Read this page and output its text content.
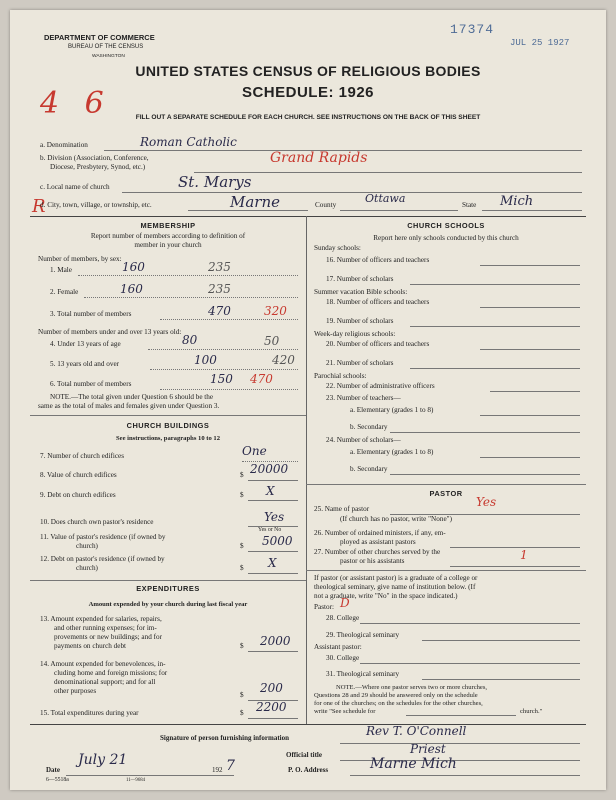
DEPARTMENT OF COMMERCE
BUREAU OF THE CENSUS
WASHINGTON
17374
JUL 25 1927
4 6
UNITED STATES CENSUS OF RELIGIOUS BODIES
SCHEDULE: 1926
FILL OUT A SEPARATE SCHEDULE FOR EACH CHURCH. SEE INSTRUCTIONS ON THE BACK OF THIS SHEET
a. Denomination	Roman Catholic
b. Division (Association, Conference,
Diocese, Presbytery, Synod, etc.)
Grand Rapids
c. Local name of church	St. Marys
R
d. City, town, village, or township, etc.	Marne	County	Ottawa	State Mich
MEMBERSHIP
Report number of members according to definition of
member in your church
Number of members, by sex:
1. Male	160	235
2. Female	160	235
3. Total number of members	470	320
Number of members under and over 13 years old:
4. Under 13 years of age	80	50
5. 13 years old and over	100	420
6. Total number of members	150 470
NOTE.—The total given under Question 6 should be the
same as the total of males and females given under Question 3.
CHURCH BUILDINGS
See instructions, paragraphs 10 to 12
7. Number of church edifices	One
8. Value of church edifices	$ 20000
9. Debt on church edifices	$ X
10. Does church own pastor's residence	Yes
Yes or No
11. Value of pastor's residence (if owned by
church)	$ 5000
12. Debt on pastor's residence (if owned by
church)	$ X
EXPENDITURES
Amount expended by your church during last fiscal year
13. Amount expended for salaries, repairs,
and other running expenses; for im-
provements or new buildings; and for
payments on church debt	$ 2000
14. Amount expended for benevolences, in-
cluding home and foreign missions; for
denominational support; and for all
other purposes	$ 200
15. Total expenditures during year	$ 2200
CHURCH SCHOOLS
Report here only schools conducted by this church
Sunday schools:
16. Number of officers and teachers
17. Number of scholars
Summer vacation Bible schools:
18. Number of officers and teachers
19. Number of scholars
Week-day religious schools:
20. Number of officers and teachers
21. Number of scholars
Parochial schools:
22. Number of administrative officers
23. Number of teachers—
a. Elementary (grades 1 to 8)
b. Secondary
24. Number of scholars—
a. Elementary (grades 1 to 8)
b. Secondary
PASTOR
25. Name of pastor	Yes
(If church has no pastor, write "None")
26. Number of ordained ministers, if any, em-
ployed as assistant pastors
27. Number of other churches served by the
pastor or his assistants	1
If pastor (or assistant pastor) is a graduate of a college or
theological seminary, give name of institution below. (If
not a graduate, write "No" in the space indicated.)
Pastor: D
28. College
29. Theological seminary
Assistant pastor:
30. College
31. Theological seminary
NOTE.—Where one pastor serves two or more churches,
Questions 28 and 29 should be answered only on the schedule
for one of the churches; on the schedules for the other churches,
write "See schedule for	church."
Signature of person furnishing information	Rev T. O'Connell
Official title	Priest
Date
July 21
192 7	P. O. Address	Marne Mich
6—5518a	11—9684
